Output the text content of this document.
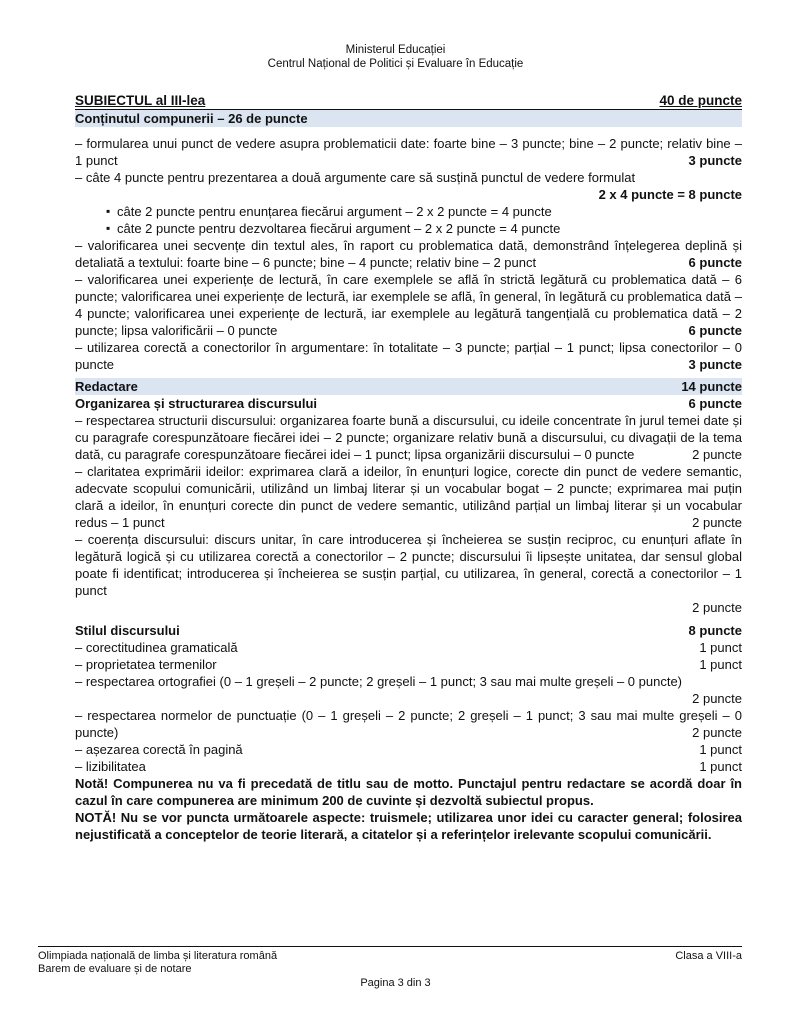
Ministerul Educației
Centrul Național de Politici și Evaluare în Educație
SUBIECTUL al III-lea	40 de puncte
Conținutul compunerii – 26 de puncte
– formularea unui punct de vedere asupra problematicii date: foarte bine – 3 puncte; bine – 2 puncte; relativ bine – 1 punct	3 puncte
– câte 4 puncte pentru prezentarea a două argumente care să susțină punctul de vedere formulat
2 x 4 puncte = 8 puncte
▪ câte 2 puncte pentru enunțarea fiecărui argument – 2 x 2 puncte = 4 puncte
▪ câte 2 puncte pentru dezvoltarea fiecărui argument – 2 x 2 puncte = 4 puncte
– valorificarea unei secvențe din textul ales, în raport cu problematica dată, demonstrând înțelegerea deplină și detaliată a textului: foarte bine – 6 puncte; bine – 4 puncte; relativ bine – 2 punct	6 puncte
– valorificarea unei experiențe de lectură, în care exemplele se află în strictă legătură cu problematica dată – 6 puncte; valorificarea unei experiențe de lectură, iar exemplele se află, în general, în legătură cu problematica dată – 4 puncte; valorificarea unei experiențe de lectură, iar exemplele au legătură tangențială cu problematica dată – 2 puncte; lipsa valorificării – 0 puncte	6 puncte
– utilizarea corectă a conectorilor în argumentare: în totalitate – 3 puncte; parțial – 1 punct; lipsa conectorilor – 0 puncte	3 puncte
Redactare	14 puncte
Organizarea și structurarea discursului	6 puncte
– respectarea structurii discursului: organizarea foarte bună a discursului, cu ideile concentrate în jurul temei date și cu paragrafe corespunzătoare fiecărei idei – 2 puncte; organizare relativ bună a discursului, cu divagații de la tema dată, cu paragrafe corespunzătoare fiecărei idei – 1 punct; lipsa organizării discursului – 0 puncte	2 puncte
– claritatea exprimării ideilor: exprimarea clară a ideilor, în enunțuri logice, corecte din punct de vedere semantic, adecvate scopului comunicării, utilizând un limbaj literar și un vocabular bogat – 2 puncte; exprimarea mai puțin clară a ideilor, în enunțuri corecte din punct de vedere semantic, utilizând parțial un limbaj literar și un vocabular redus – 1 punct	2 puncte
– coerența discursului: discurs unitar, în care introducerea și încheierea se susțin reciproc, cu enunțuri aflate în legătură logică și cu utilizarea corectă a conectorilor – 2 puncte; discursului îi lipsește unitatea, dar sensul global poate fi identificat; introducerea și încheierea se susțin parțial, cu utilizarea, în general, corectă a conectorilor – 1 punct
2 puncte
Stilul discursului	8 puncte
– corectitudinea gramaticală	1 punct
– proprietatea termenilor	1 punct
– respectarea ortografiei (0 – 1 greșeli – 2 puncte; 2 greșeli – 1 punct; 3 sau mai multe greșeli – 0 puncte)
2 puncte
– respectarea normelor de punctuație (0 – 1 greșeli – 2 puncte; 2 greșeli – 1 punct; 3 sau mai multe greșeli – 0 puncte)	2 puncte
– așezarea corectă în pagină	1 punct
– lizibilitatea	1 punct
Notă! Compunerea nu va fi precedată de titlu sau de motto. Punctajul pentru redactare se acordă doar în cazul în care compunerea are minimum 200 de cuvinte și dezvoltă subiectul propus.
NOTĂ! Nu se vor puncta următoarele aspecte: truismele; utilizarea unor idei cu caracter general; folosirea nejustificată a conceptelor de teorie literară, a citatelor și a referințelor irelevante scopului comunicării.
Olimpiada națională de limba și literatura română	Clasa a VIII-a
Barem de evaluare și de notare
Pagina 3 din 3
